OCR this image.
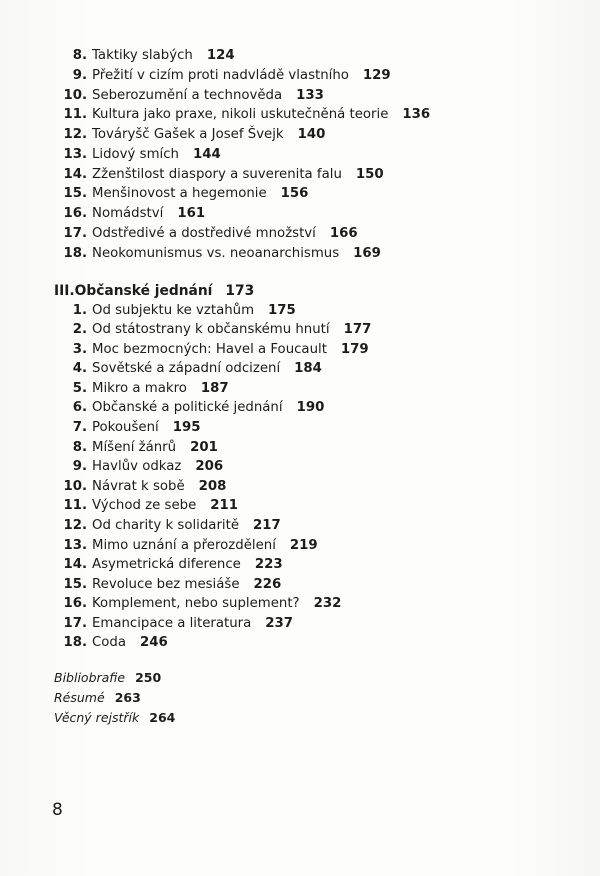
8. Taktiky slabých 124
9. Přežití v cizím proti nadvládě vlastního 129
10. Seberozumění a technověda 133
11. Kultura jako praxe, nikoli uskutečněná teorie 136
12. Továryšč Gašek a Josef Švejk 140
13. Lidový smích 144
14. Zženštilost diaspory a suverenita falu 150
15. Menšinovost a hegemonie 156
16. Nomádství 161
17. Odstředivé a dostředivé množství 166
18. Neokomunismus vs. neoanarchismus 169
III.Občanské jednání 173
1. Od subjektu ke vztahům 175
2. Od státostrany k občanskému hnutí 177
3. Moc bezmocných: Havel a Foucault 179
4. Sovětské a západní odcizení 184
5. Mikro a makro 187
6. Občanské a politické jednání 190
7. Pokoušení 195
8. Míšení žánrů 201
9. Havlův odkaz 206
10. Návrat k sobě 208
11. Východ ze sebe 211
12. Od charity k solidaritě 217
13. Mimo uznání a přerozdělení 219
14. Asymetrická diference 223
15. Revoluce bez mesiáše 226
16. Komplement, nebo suplement? 232
17. Emancipace a literatura 237
18. Coda 246
Bibliobrafie 250
Résumé 263
Věcný rejstřík 264
8
